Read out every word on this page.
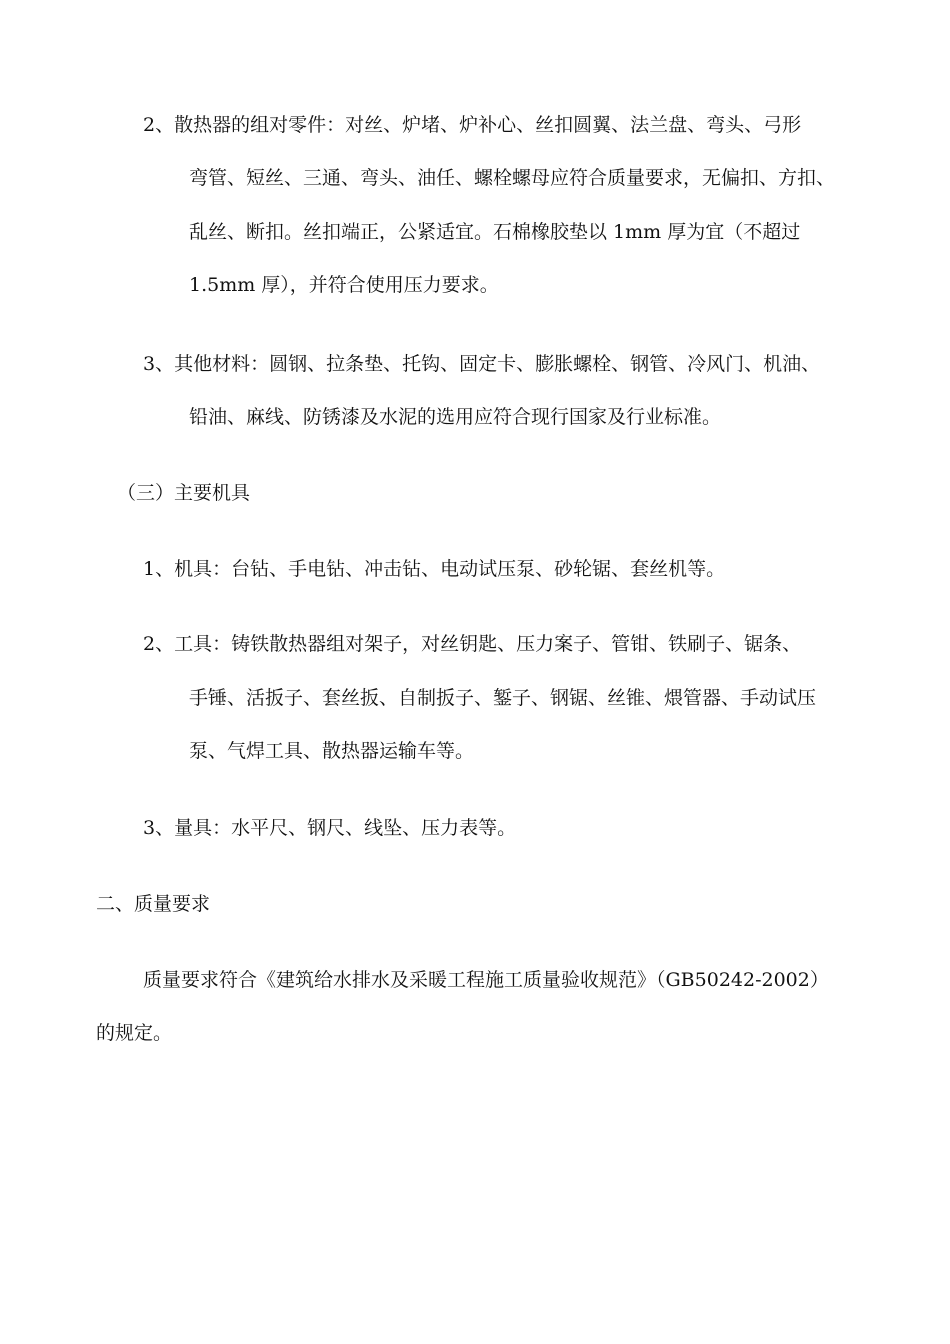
2、散热器的组对零件：对丝、炉堵、炉补心、丝扣圆翼、法兰盘、弯头、弓形
弯管、短丝、三通、弯头、油任、螺栓螺母应符合质量要求，无偏扣、方扣、
乱丝、断扣。丝扣端正，公紧适宜。石棉橡胶垫以 1mm 厚为宜（不超过
1.5mm 厚），并符合使用压力要求。
3、其他材料：圆钢、拉条垫、托钩、固定卡、膨胀螺栓、钢管、冷风门、机油、
铅油、麻线、防锈漆及水泥的选用应符合现行国家及行业标准。
（三）主要机具
1、机具：台钻、手电钻、冲击钻、电动试压泵、砂轮锯、套丝机等。
2、工具：铸铁散热器组对架子，对丝钥匙、压力案子、管钳、铁刷子、锯条、
手锤、活扳子、套丝扳、自制扳子、錾子、钢锯、丝锥、煨管器、手动试压
泵、气焊工具、散热器运输车等。
3、量具：水平尺、钢尺、线坠、压力表等。
二、质量要求
质量要求符合《建筑给水排水及采暖工程施工质量验收规范》（GB50242-2002）
的规定。
